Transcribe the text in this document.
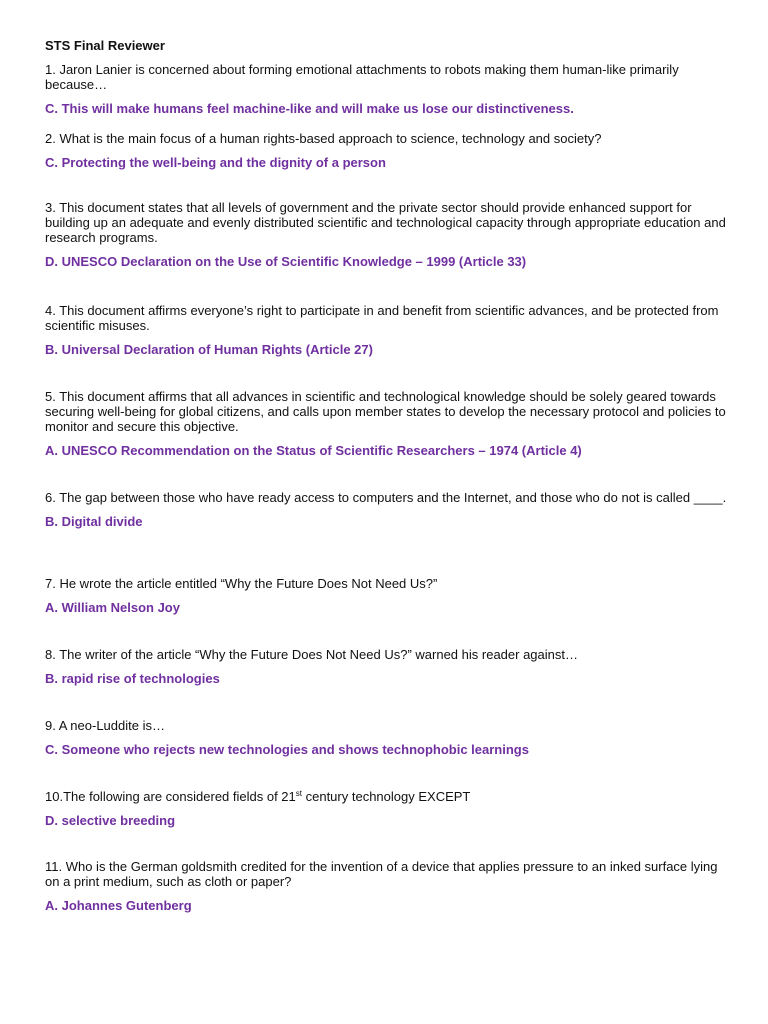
STS Final Reviewer

1. Jaron Lanier is concerned about forming emotional attachments to robots making them human-like primarily because…

C. This will make humans feel machine-like and will make us lose our distinctiveness.

2. What is the main focus of a human rights-based approach to science, technology and society?

C. Protecting the well-being and the dignity of a person

3. This document states that all levels of government and the private sector should provide enhanced support for building up an adequate and evenly distributed scientific and technological capacity through appropriate education and research programs.

D. UNESCO Declaration on the Use of Scientific Knowledge – 1999 (Article 33)

4. This document affirms everyone’s right to participate in and benefit from scientific advances, and be protected from scientific misuses.

B. Universal Declaration of Human Rights (Article 27)

5. This document affirms that all advances in scientific and technological knowledge should be solely geared towards securing well-being for global citizens, and calls upon member states to develop the necessary protocol and policies to monitor and secure this objective.

A. UNESCO Recommendation on the Status of Scientific Researchers – 1974 (Article 4)

6. The gap between those who have ready access to computers and the Internet, and those who do not is called ____.

B. Digital divide

7. He wrote the article entitled “Why the Future Does Not Need Us?”

A. William Nelson Joy

8. The writer of the article “Why the Future Does Not Need Us?” warned his reader against…

B. rapid rise of technologies

9. A neo-Luddite is…

C. Someone who rejects new technologies and shows technophobic learnings

10.The following are considered fields of 21st century technology EXCEPT

D. selective breeding

11. Who is the German goldsmith credited for the invention of a device that applies pressure to an inked surface lying on a print medium, such as cloth or paper?

A. Johannes Gutenberg
